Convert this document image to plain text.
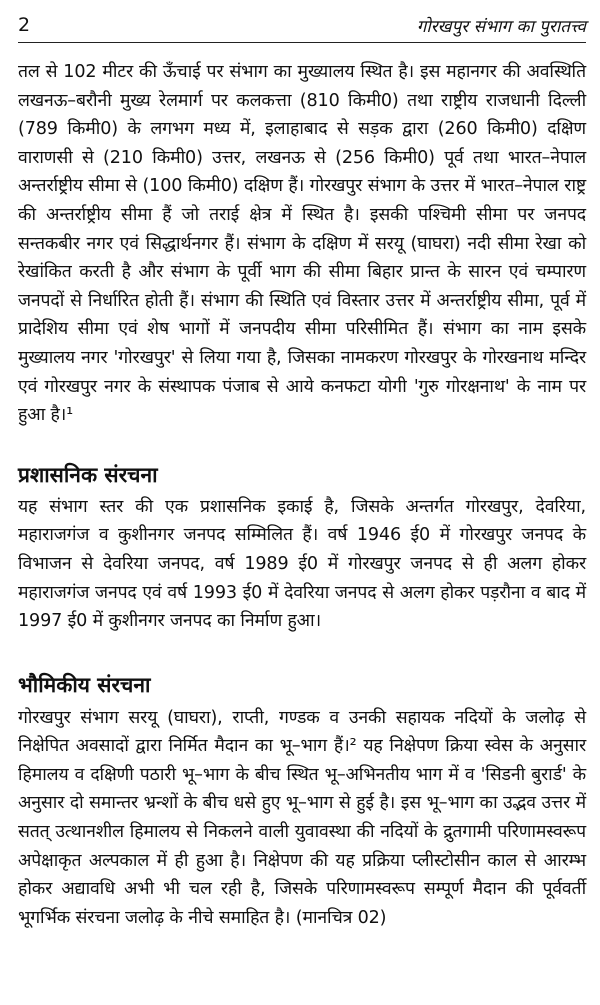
2	गोरखपुर संभाग का पुरातत्त्व

तल से 102 मीटर की ऊँचाई पर संभाग का मुख्यालय स्थित है। इस महानगर की अवस्थिति लखनऊ–बरौनी मुख्य रेलमार्ग पर कलकत्ता (810 किमी0) तथा राष्ट्रीय राजधानी दिल्ली (789 किमी0) के लगभग मध्य में, इलाहाबाद से सड़क द्वारा (260 किमी0) दक्षिण वाराणसी से (210 किमी0) उत्तर, लखनऊ से (256 किमी0) पूर्व तथा भारत–नेपाल अन्तर्राष्ट्रीय सीमा से (100 किमी0) दक्षिण हैं। गोरखपुर संभाग के उत्तर में भारत–नेपाल राष्ट्र की अन्तर्राष्ट्रीय सीमा हैं जो तराई क्षेत्र में स्थित है। इसकी पश्चिमी सीमा पर जनपद सन्तकबीर नगर एवं सिद्धार्थनगर हैं। संभाग के दक्षिण में सरयू (घाघरा) नदी सीमा रेखा को रेखांकित करती है और संभाग के पूर्वी भाग की सीमा बिहार प्रान्त के सारन एवं चम्पारण जनपदों से निर्धारित होती हैं। संभाग की स्थिति एवं विस्तार उत्तर में अन्तर्राष्ट्रीय सीमा, पूर्व में प्रादेशिय सीमा एवं शेष भागों में जनपदीय सीमा परिसीमित हैं। संभाग का नाम इसके मुख्यालय नगर 'गोरखपुर' से लिया गया है, जिसका नामकरण गोरखपुर के गोरखनाथ मन्दिर एवं गोरखपुर नगर के संस्थापक पंजाब से आये कनफटा योगी 'गुरु गोरक्षनाथ' के नाम पर हुआ है।¹

प्रशासनिक संरचना

यह संभाग स्तर की एक प्रशासनिक इकाई है, जिसके अन्तर्गत गोरखपुर, देवरिया, महाराजगंज व कुशीनगर जनपद सम्मिलित हैं। वर्ष 1946 ई0 में गोरखपुर जनपद के विभाजन से देवरिया जनपद, वर्ष 1989 ई0 में गोरखपुर जनपद से ही अलग होकर महाराजगंज जनपद एवं वर्ष 1993 ई0 में देवरिया जनपद से अलग होकर पड़रौना व बाद में 1997 ई0 में कुशीनगर जनपद का निर्माण हुआ।

भौमिकीय संरचना

गोरखपुर संभाग सरयू (घाघरा), राप्ती, गण्डक व उनकी सहायक नदियों के जलोढ़ से निक्षेपित अवसादों द्वारा निर्मित मैदान का भू–भाग हैं।² यह निक्षेपण क्रिया स्वेस के अनुसार हिमालय व दक्षिणी पठारी भू–भाग के बीच स्थित भू–अभिनतीय भाग में व 'सिडनी बुरार्ड' के अनुसार दो समान्तर भ्रन्शों के बीच धसे हुए भू–भाग से हुई है। इस भू–भाग का उद्भव उत्तर में सतत् उत्थानशील हिमालय से निकलने वाली युवावस्था की नदियों के द्रुतगामी परिणामस्वरूप अपेक्षाकृत अल्पकाल में ही हुआ है। निक्षेपण की यह प्रक्रिया प्लीस्टोसीन काल से आरम्भ होकर अद्यावधि अभी भी चल रही है, जिसके परिणामस्वरूप सम्पूर्ण मैदान की पूर्ववर्ती भूगर्भिक संरचना जलोढ़ के नीचे समाहित है। (मानचित्र 02)
